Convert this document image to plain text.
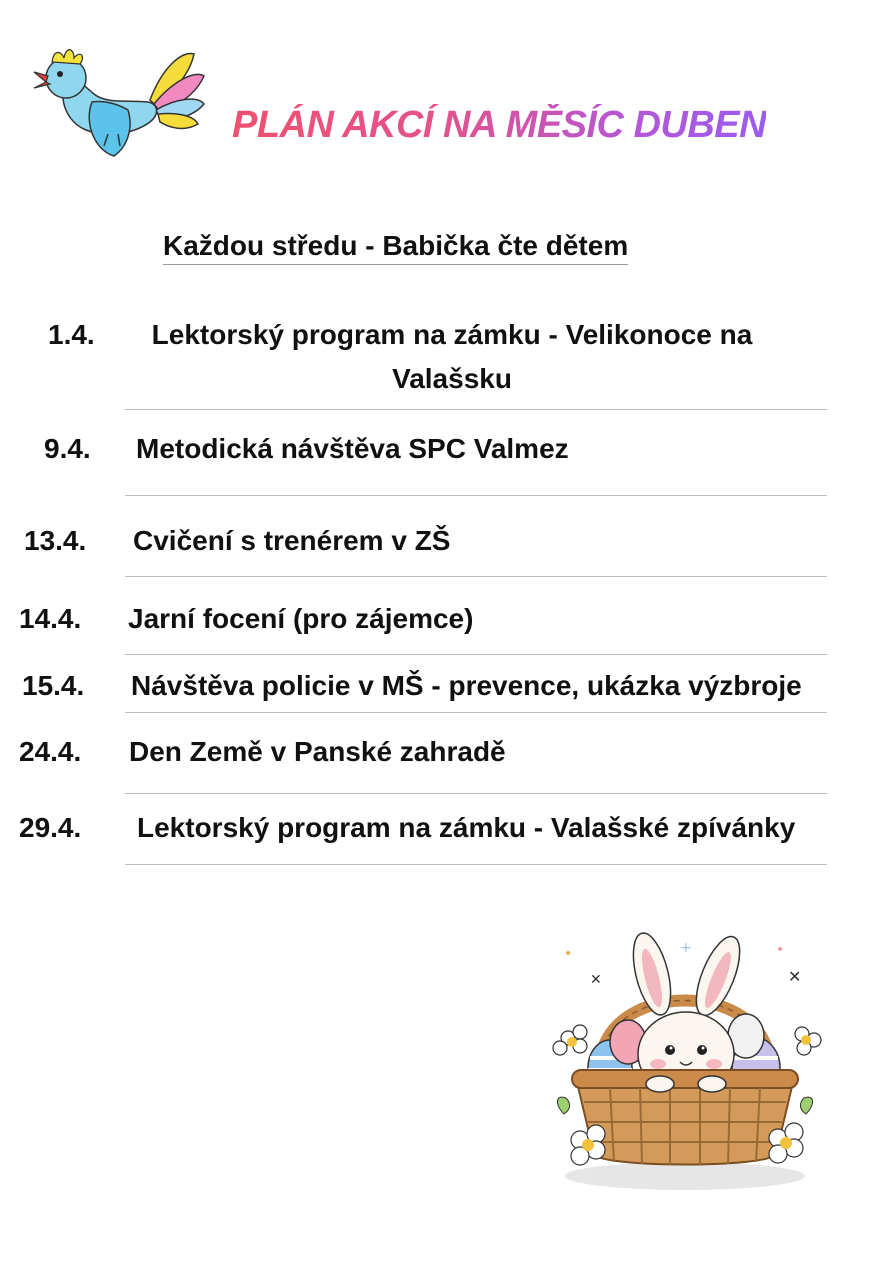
PLÁN AKCÍ NA MĚSÍC DUBEN
Každou středu - Babička čte dětem
1.4.	Lektorský program na zámku - Velikonoce na Valašsku
9.4. Metodická návštěva SPC Valmez
13.4. Cvičení s trenérem v ZŠ
14.4. Jarní focení (pro zájemce)
15.4. Návštěva policie v MŠ - prevence, ukázka výzbroje
24.4. Den Země v Panské zahradě
29.4. Lektorský program na zámku - Valašské zpívánky
•	+	•
✕
✕
